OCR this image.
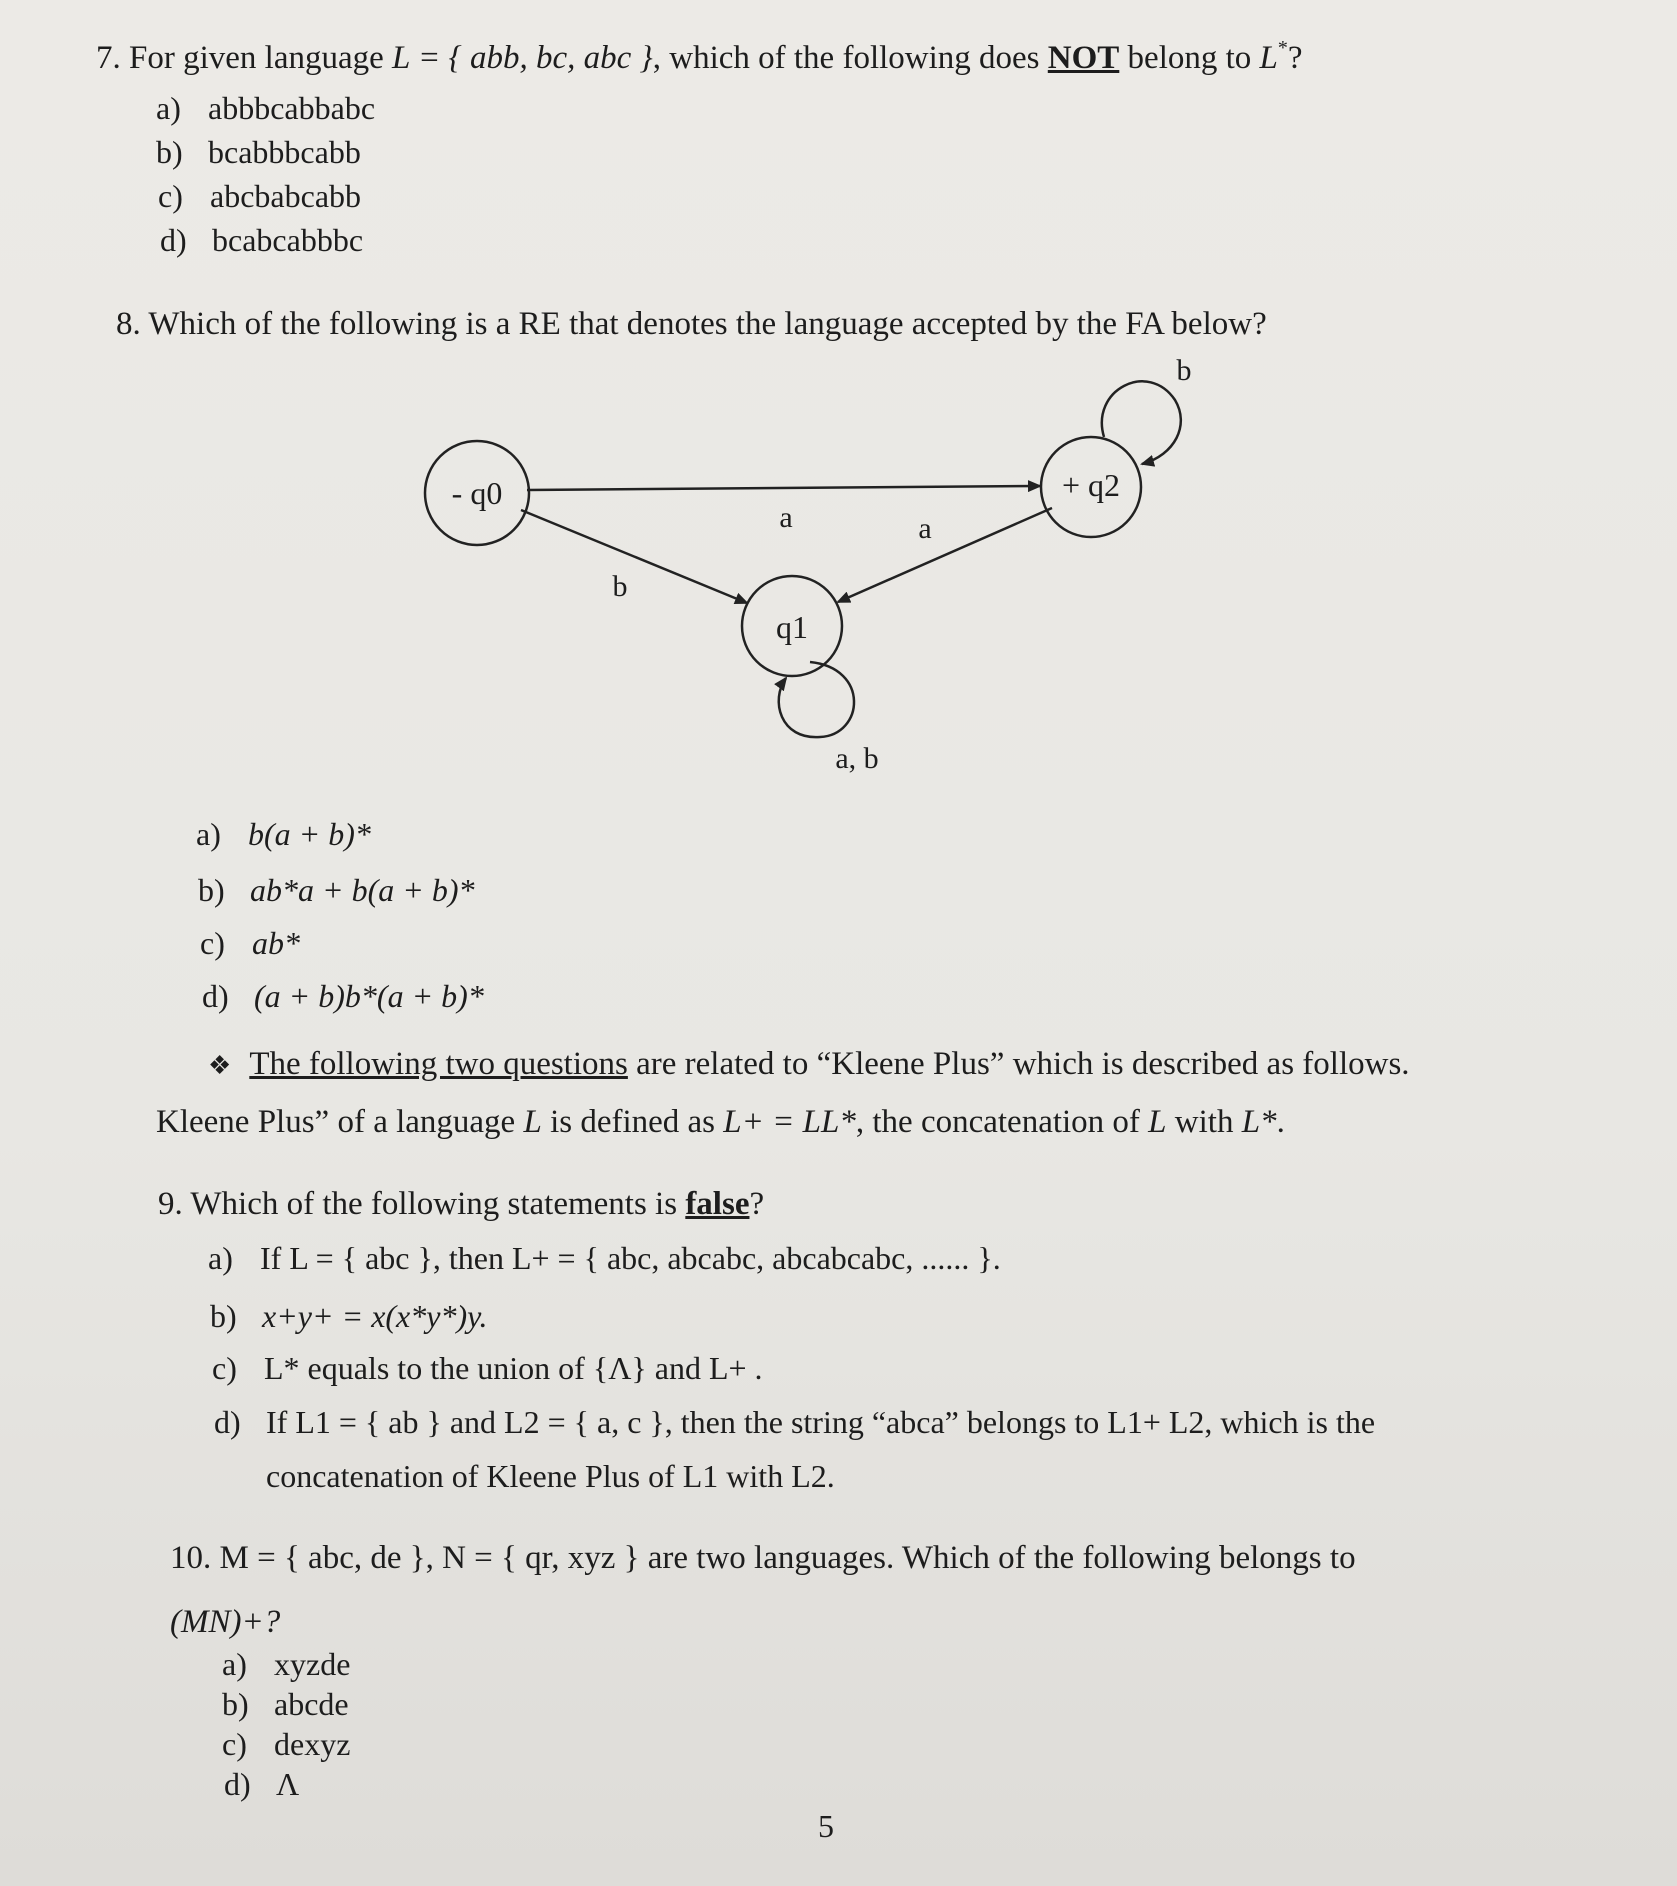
7. For given language L = { abb, bc, abc }, which of the following does NOT belong to L*?
a) abbbcabbabc
b) bcabbbcabb
c) abcbabcabb
d) bcabcabbbc
8. Which of the following is a RE that denotes the language accepted by the FA below?
- q0
q1
+ q2
a
b
a
b
a, b
a) b(a + b)*
b) ab*a + b(a + b)*
c) ab*
d) (a + b)b*(a + b)*
❖ The following two questions are related to “Kleene Plus” which is described as follows.
Kleene Plus” of a language L is defined as L+ = LL*, the concatenation of L with L*.
9. Which of the following statements is false?
a) If L = { abc }, then L+ = { abc, abcabc, abcabcabc, ...... }.
b) x+y+ = x(x*y*)y.
c) L* equals to the union of {Λ} and L+ .
d) If L1 = { ab } and L2 = { a, c }, then the string “abca” belongs to L1+ L2, which is the
concatenation of Kleene Plus of L1 with L2.
10. M = { abc, de }, N = { qr, xyz } are two languages. Which of the following belongs to
(MN)+?
a) xyzde
b) abcde
c) dexyz
d) Λ
5
